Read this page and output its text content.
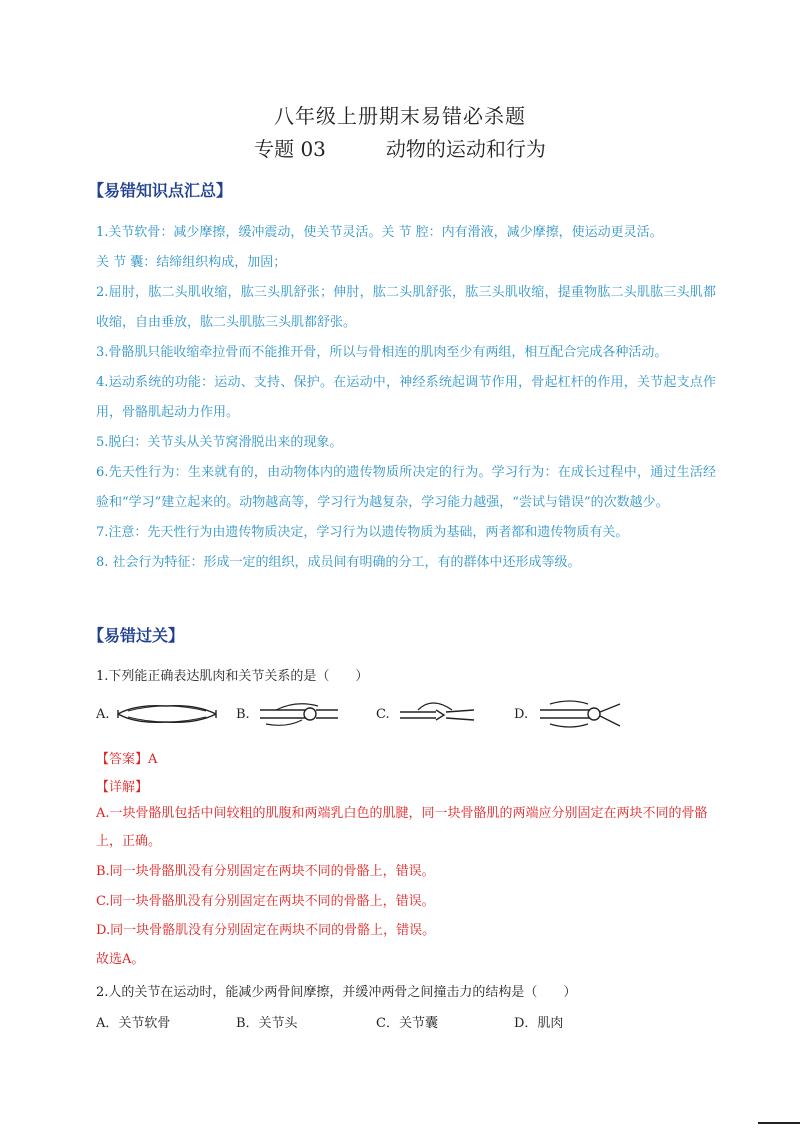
八年级上册期末易错必杀题
专题 03	动物的运动和行为
【易错知识点汇总】

1.关节软骨：减少摩擦，缓冲震动，使关节灵活。关 节 腔：内有滑液，减少摩擦，使运动更灵活。

关 节 囊：结缔组织构成，加固；

2.屈肘，肱二头肌收缩，肱三头肌舒张；伸肘，肱二头肌舒张，肱三头肌收缩，提重物肱二头肌肱三头肌都收缩，自由垂放，肱二头肌肱三头肌都舒张。

3.骨骼肌只能收缩牵拉骨而不能推开骨，所以与骨相连的肌肉至少有两组，相互配合完成各种活动。

4.运动系统的功能：运动、支持、保护。在运动中，神经系统起调节作用，骨起杠杆的作用，关节起支点作用，骨骼肌起动力作用。

5.脱臼：关节头从关节窝滑脱出来的现象。

6.先天性行为：生来就有的，由动物体内的遗传物质所决定的行为。学习行为：在成长过程中，通过生活经验和“学习”建立起来的。动物越高等，学习行为越复杂，学习能力越强，“尝试与错误”的次数越少。

7.注意：先天性行为由遗传物质决定，学习行为以遗传物质为基础，两者都和遗传物质有关。

8. 社会行为特征：形成一定的组织，成员间有明确的分工，有的群体中还形成等级。

【易错过关】
1.下列能正确表达肌肉和关节关系的是（　　）
A.	B.	C.	D.
【答案】A
【详解】
A.一块骨骼肌包括中间较粗的肌腹和两端乳白色的肌腱，同一块骨骼肌的两端应分别固定在两块不同的骨骼上，正确。
B.同一块骨骼肌没有分别固定在两块不同的骨骼上，错误。
C.同一块骨骼肌没有分别固定在两块不同的骨骼上，错误。
D.同一块骨骼肌没有分别固定在两块不同的骨骼上，错误。
故选A。
2.人的关节在运动时，能减少两骨间摩擦，并缓冲两骨之间撞击力的结构是（　　）
A．关节软骨	B．关节头	C．关节囊	D．肌肉
